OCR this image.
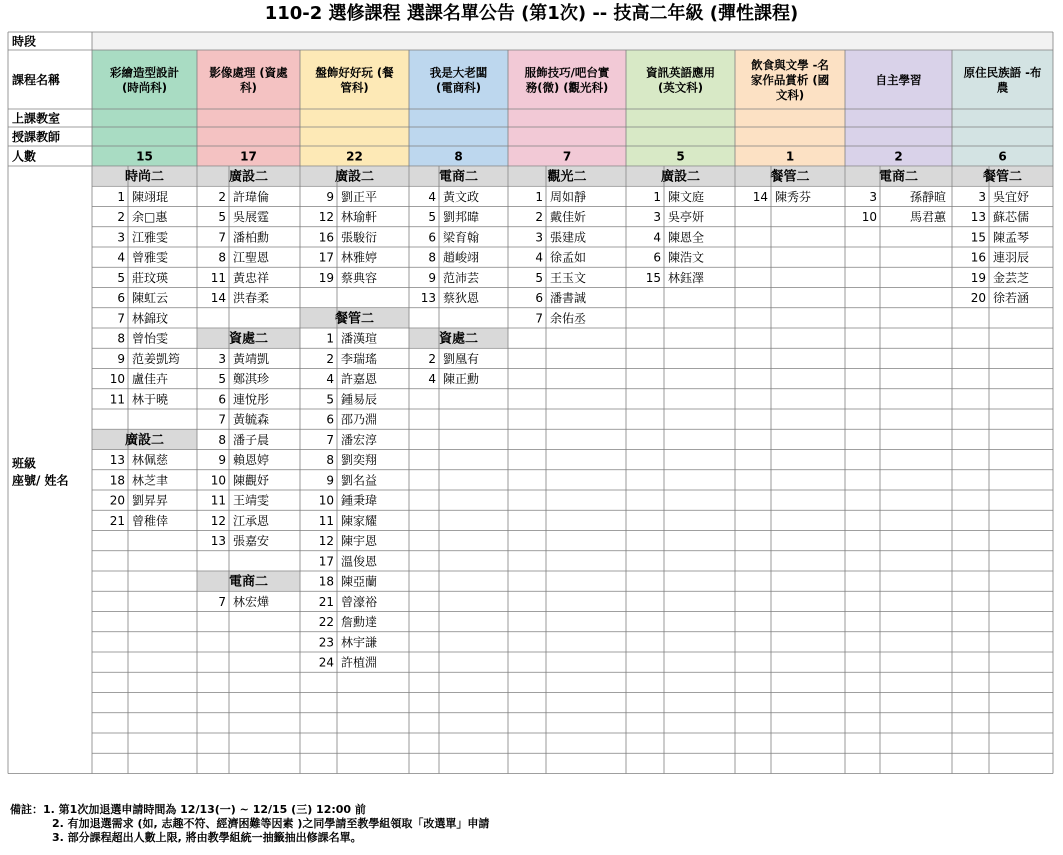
110-2 選修課程 選課名單公告 (第1次) -- 技高二年級 (彈性課程)
時段
課程名稱
上課教室
授課教師
人數
班級
座號/ 姓名
彩繪造型設計
(時尚科)
15
影像處理 (資處
科)
17
盤飾好好玩 (餐
管科)
22
我是大老闆
(電商科)
8
服飾技巧/吧台實
務(微) (觀光科)
7
資訊英語應用
(英文科)
5
飲食與文學 -名
家作品賞析 (國
文科)
1
自主學習
2
原住民族語 -布
農
6
時尚二
1 陳翊琨
2 余□惠
3 江雅雯
4 曾雅雯
5 莊玟瑛
6 陳虹云
7 林錦玟
8 曾怡雯
9 范姜凱筠
10 盧佳卉
11 林于曉
廣設二
13 林佩慈
18 林芝聿
20 劉昇昇
21 曾稚倖
廣設二
2 許瑋倫
5 吳展霆
7 潘柏勳
8 江聖恩
11 黃忠祥
14 洪春柔
資處二
3 黃靖凱
5 鄭淇珍
6 連悅彤
7 黃毓森
8 潘子晨
9 賴恩婷
10 陳觀妤
11 王靖雯
12 江承恩
13 張嘉安
電商二
7 林宏燁
廣設二
9 劉正平
12 林瑜軒
16 張駿衍
17 林雅婷
19 蔡典容
餐管二
1 潘漢瑄
2 李瑞瑤
4 許嘉恩
5 鍾易辰
6 邵乃淵
7 潘宏淳
8 劉奕翔
9 劉名益
10 鍾秉瑋
11 陳家耀
12 陳宇恩
17 溫俊恩
18 陳亞蘭
21 曾濠裕
22 詹勳達
23 林宇謙
24 許植淵
電商二
4 黃文政
5 劉邦暐
6 梁育翰
8 趙峻翊
9 范沛芸
13 蔡狄恩
資處二
2 劉凰有
4 陳正勳
觀光二
1 周如靜
2 戴佳妡
3 張建成
4 徐孟如
5 王玉文
6 潘書誠
7 余佑丞
廣設二
1 陳文庭
3 吳亭妍
4 陳恩全
6 陳浩文
15 林鈺澤
餐管二
14 陳秀芬
電商二
3	孫靜暄
10	馬君蕙
餐管二
3 吳宜妤
13 蘇芯儒
15 陳孟琴
16 連羽辰
19 金芸芝
20 徐若涵
備註：1. 第1次加退選申請時間為 12/13(一) ~ 12/15 (三) 12:00 前
2. 有加退選需求 (如, 志趣不符、經濟困難等因素 )之同學請至教學組領取「改選單」申請
3. 部分課程超出人數上限, 將由教學組統一抽籤抽出修課名單。
